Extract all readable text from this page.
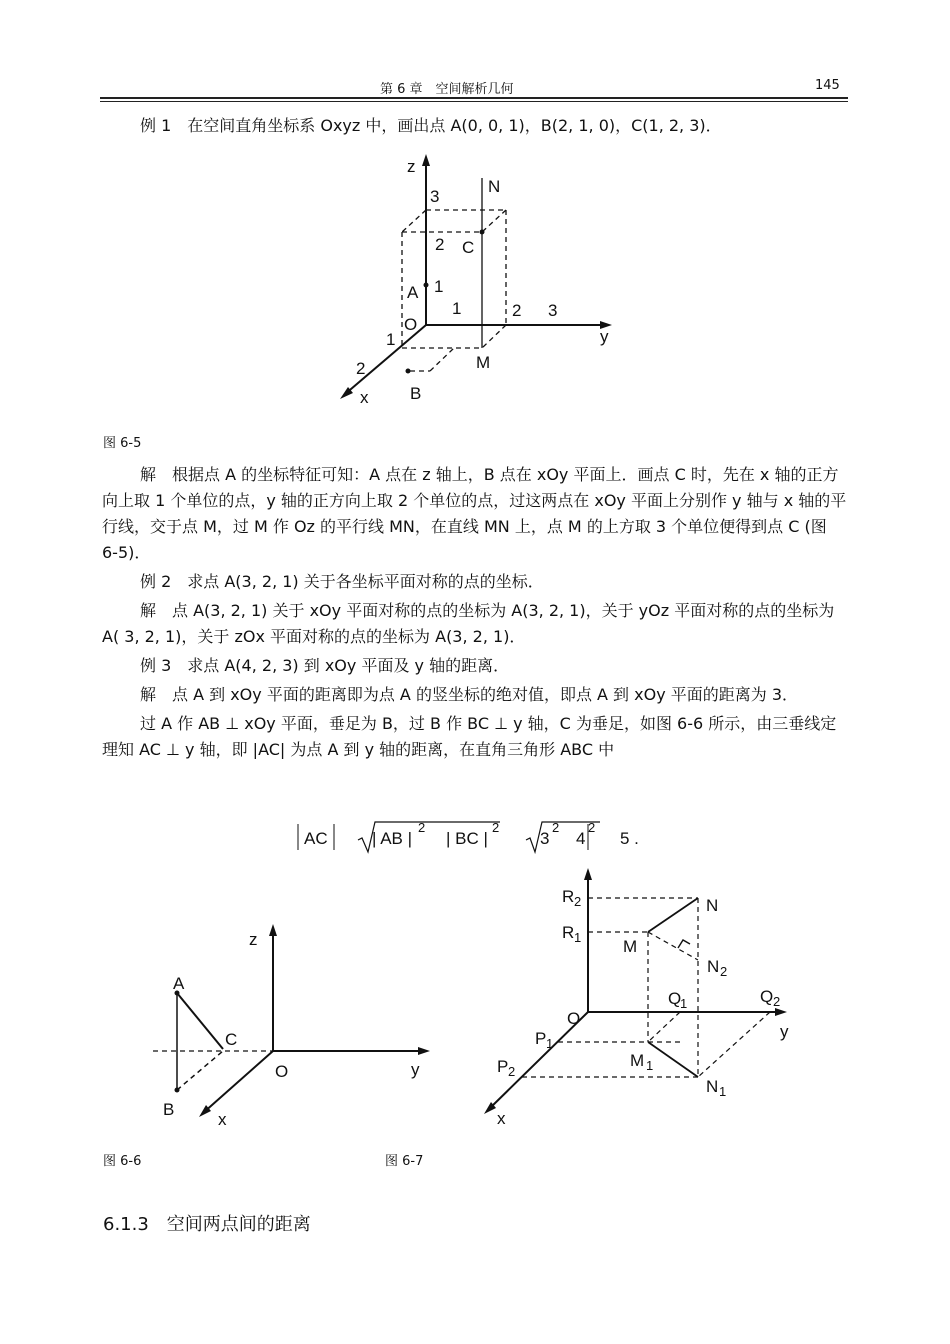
第 6 章　空间解析几何	145

例 1　在空间直角坐标系 Oxyz 中，画出点 A(0, 0, 1)，B(2, 1, 0)，C(1, 2, 3)．

z
3
N
2 C
A 1
1	2 3
O
y
1
M
2
B
x
图 6-5

解　根据点 A 的坐标特征可知：A 点在 z 轴上，B 点在 xOy 平面上．画点 C 时，先在 x 轴的正方向上取 1 个单位的点，y 轴的正方向上取 2 个单位的点，过这两点在 xOy 平面上分别作 y 轴与 x 轴的平行线，交于点 M，过 M 作 Oz 的平行线 MN，在直线 MN 上，点 M 的上方取 3 个单位便得到点 C (图 6-5)．

例 2　求点 A(3, 2, 1) 关于各坐标平面对称的点的坐标．

解　点 A(3, 2, 1) 关于 xOy 平面对称的点的坐标为 A(3, 2, 1)，关于 yOz 平面对称的点的坐标为 A( 3, 2, 1)，关于 zOx 平面对称的点的坐标为 A(3, 2, 1)．

例 3　求点 A(4, 2, 3) 到 xOy 平面及 y 轴的距离．

解　点 A 到 xOy 平面的距离即为点 A 的竖坐标的绝对值，即点 A 到 xOy 平面的距离为 3．

过 A 作 AB ⊥ xOy 平面，垂足为 B，过 B 作 BC ⊥ y 轴，C 为垂足，如图 6-6 所示，由三垂线定理知 AC ⊥ y 轴，即 |AC| 为点 A 到 y 轴的距离，在直角三角形 ABC 中

AC	| AB |
2
| BC |
2
3
2
4
2
5 .
z
A
C
O	y
B
x
图 6-6
R 2	N
R 1 M
N 2
Q
1	Q 2
O
y
P 1
M 1
P 2
N 1
x
图 6-7
6.1.3　空间两点间的距离
